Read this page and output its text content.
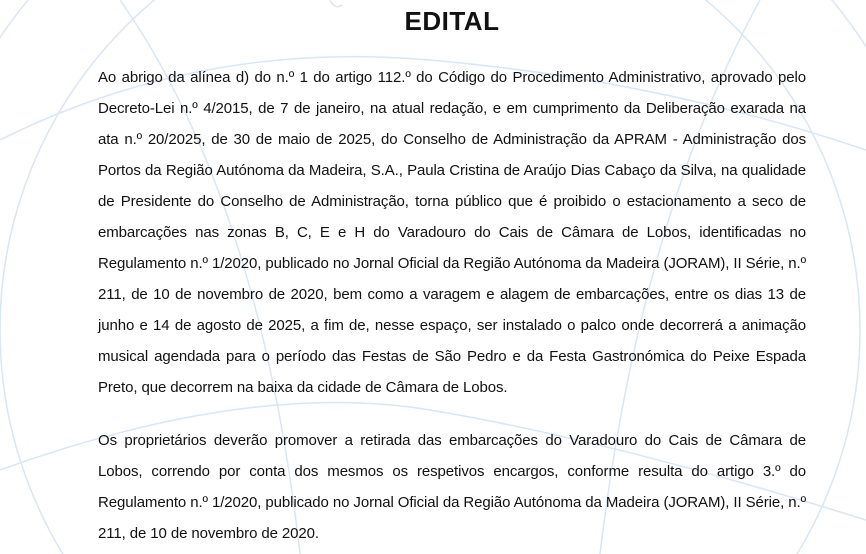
EDITAL

Ao abrigo da alínea d) do n.º 1 do artigo 112.º do Código do Procedimento Administrativo, aprovado pelo Decreto-Lei n.º 4/2015, de 7 de janeiro, na atual redação, e em cumprimento da Deliberação exarada na ata n.º 20/2025, de 30 de maio de 2025, do Conselho de Administração da APRAM - Administração dos Portos da Região Autónoma da Madeira, S.A., Paula Cristina de Araújo Dias Cabaço da Silva, na qualidade de Presidente do Conselho de Administração, torna público que é proibido o estacionamento a seco de embarcações nas zonas B, C, E e H do Varadouro do Cais de Câmara de Lobos, identificadas no Regulamento n.º 1/2020, publicado no Jornal Oficial da Região Autónoma da Madeira (JORAM), II Série, n.º 211, de 10 de novembro de 2020, bem como a varagem e alagem de embarcações, entre os dias 13 de junho e 14 de agosto de 2025, a fim de, nesse espaço, ser instalado o palco onde decorrerá a animação musical agendada para o período das Festas de São Pedro e da Festa Gastronómica do Peixe Espada Preto, que decorrem na baixa da cidade de Câmara de Lobos.

Os proprietários deverão promover a retirada das embarcações do Varadouro do Cais de Câmara de Lobos, correndo por conta dos mesmos os respetivos encargos, conforme resulta do artigo 3.º do Regulamento n.º 1/2020, publicado no Jornal Oficial da Região Autónoma da Madeira (JORAM), II Série, n.º 211, de 10 de novembro de 2020.
